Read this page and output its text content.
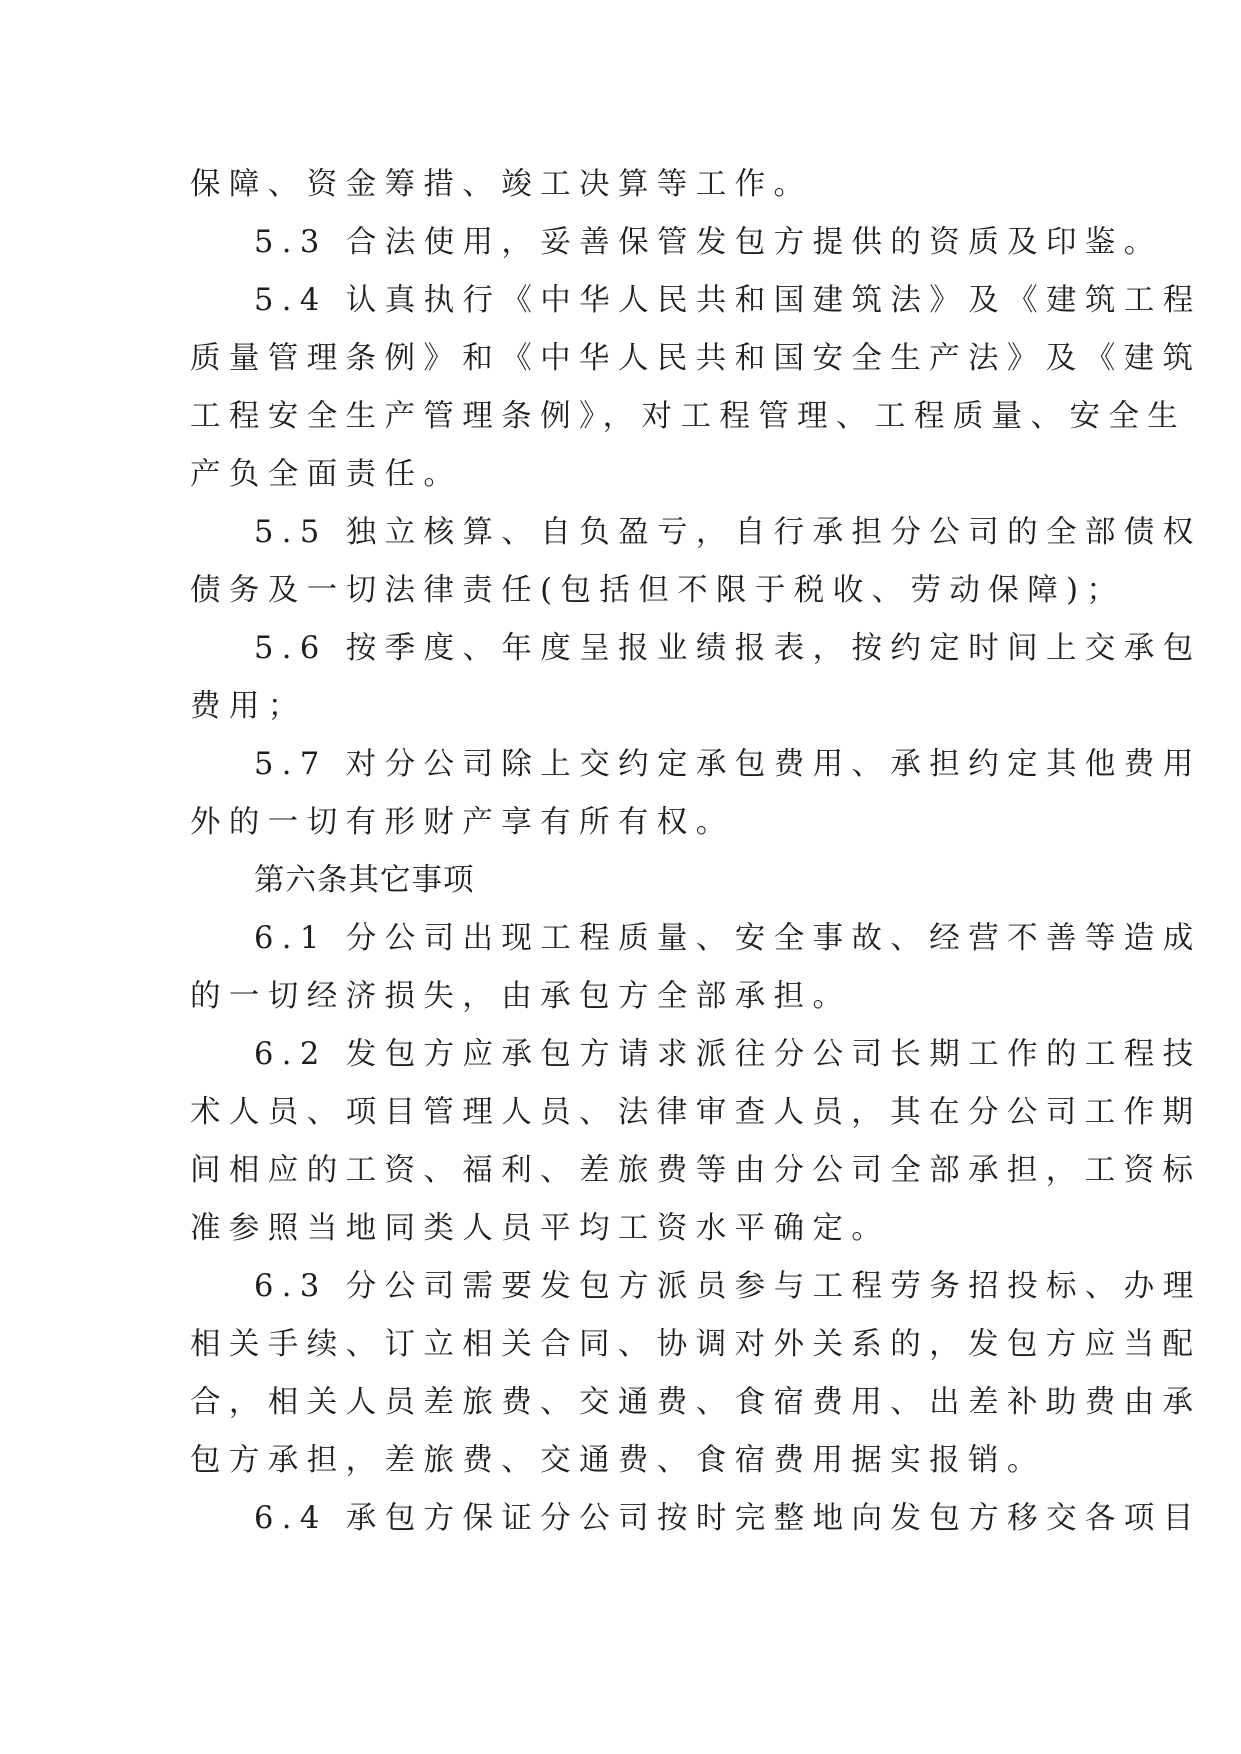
保障、资金筹措、竣工决算等工作。

5.3 合法使用，妥善保管发包方提供的资质及印鉴。

5.4 认真执行《中华人民共和国建筑法》及《建筑工程

质量管理条例》和《中华人民共和国安全生产法》及《建筑
工程安全生产管理条例》，对工程管理、工程质量、安全生
产负全面责任。

5.5 独立核算、自负盈亏，自行承担分公司的全部债权

债务及一切法律责任(包括但不限于税收、劳动保障)；

5.6 按季度、年度呈报业绩报表，按约定时间上交承包

费用；

5.7 对分公司除上交约定承包费用、承担约定其他费用

外的一切有形财产享有所有权。

第六条其它事项

6.1 分公司出现工程质量、安全事故、经营不善等造成

的一切经济损失，由承包方全部承担。

6.2 发包方应承包方请求派往分公司长期工作的工程技

术人员、项目管理人员、法律审查人员，其在分公司工作期
间相应的工资、福利、差旅费等由分公司全部承担，工资标
准参照当地同类人员平均工资水平确定。

6.3 分公司需要发包方派员参与工程劳务招投标、办理

相关手续、订立相关合同、协调对外关系的，发包方应当配
合，相关人员差旅费、交通费、食宿费用、出差补助费由承
包方承担，差旅费、交通费、食宿费用据实报销。

6.4 承包方保证分公司按时完整地向发包方移交各项目
